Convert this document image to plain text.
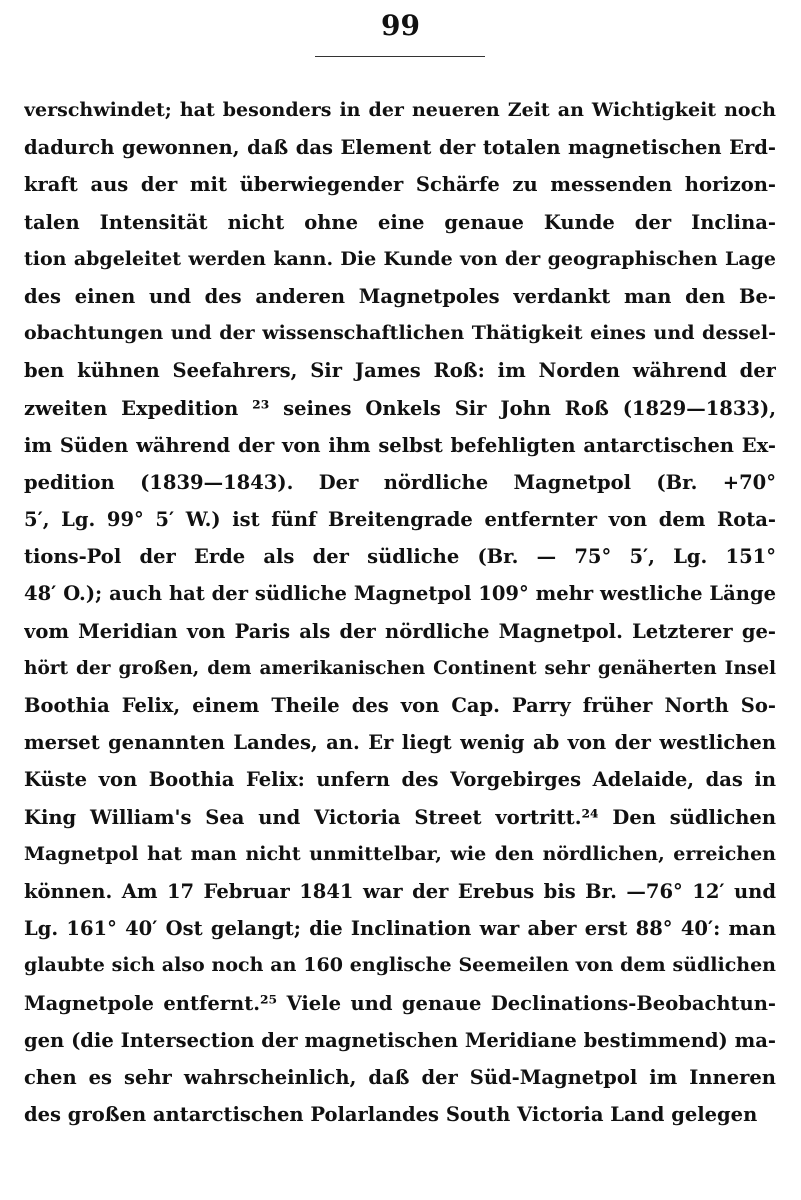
99
verschwindet; hat besonders in der neueren Zeit an Wichtigkeit noch
dadurch gewonnen, daß das Element der totalen magnetischen Erd-
kraft aus der mit überwiegender Schärfe zu messenden horizon-
talen Intensität nicht ohne eine genaue Kunde der Inclina-
tion abgeleitet werden kann. Die Kunde von der geographischen Lage
des einen und des anderen Magnetpoles verdankt man den Be-
obachtungen und der wissenschaftlichen Thätigkeit eines und dessel-
ben kühnen Seefahrers, Sir James Roß: im Norden während der
zweiten Expedition ²³ seines Onkels Sir John Roß (1829—1833),
im Süden während der von ihm selbst befehligten antarctischen Ex-
pedition (1839—1843). Der nördliche Magnetpol (Br. +70°
5′, Lg. 99° 5′ W.) ist fünf Breitengrade entfernter von dem Rota-
tions-Pol der Erde als der südliche (Br. — 75° 5′, Lg. 151°
48′ O.); auch hat der südliche Magnetpol 109° mehr westliche Länge
vom Meridian von Paris als der nördliche Magnetpol. Letzterer ge-
hört der großen, dem amerikanischen Continent sehr genäherten Insel
Boothia Felix, einem Theile des von Cap. Parry früher North So-
merset genannten Landes, an. Er liegt wenig ab von der westlichen
Küste von Boothia Felix: unfern des Vorgebirges Adelaide, das in
King William's Sea und Victoria Street vortritt.²⁴ Den südlichen
Magnetpol hat man nicht unmittelbar, wie den nördlichen, erreichen
können. Am 17 Februar 1841 war der Erebus bis Br. —76° 12′ und
Lg. 161° 40′ Ost gelangt; die Inclination war aber erst 88° 40′: man
glaubte sich also noch an 160 englische Seemeilen von dem südlichen
Magnetpole entfernt.²⁵ Viele und genaue Declinations-Beobachtun-
gen (die Intersection der magnetischen Meridiane bestimmend) ma-
chen es sehr wahrscheinlich, daß der Süd-Magnetpol im Inneren
des großen antarctischen Polarlandes South Victoria Land gelegen
